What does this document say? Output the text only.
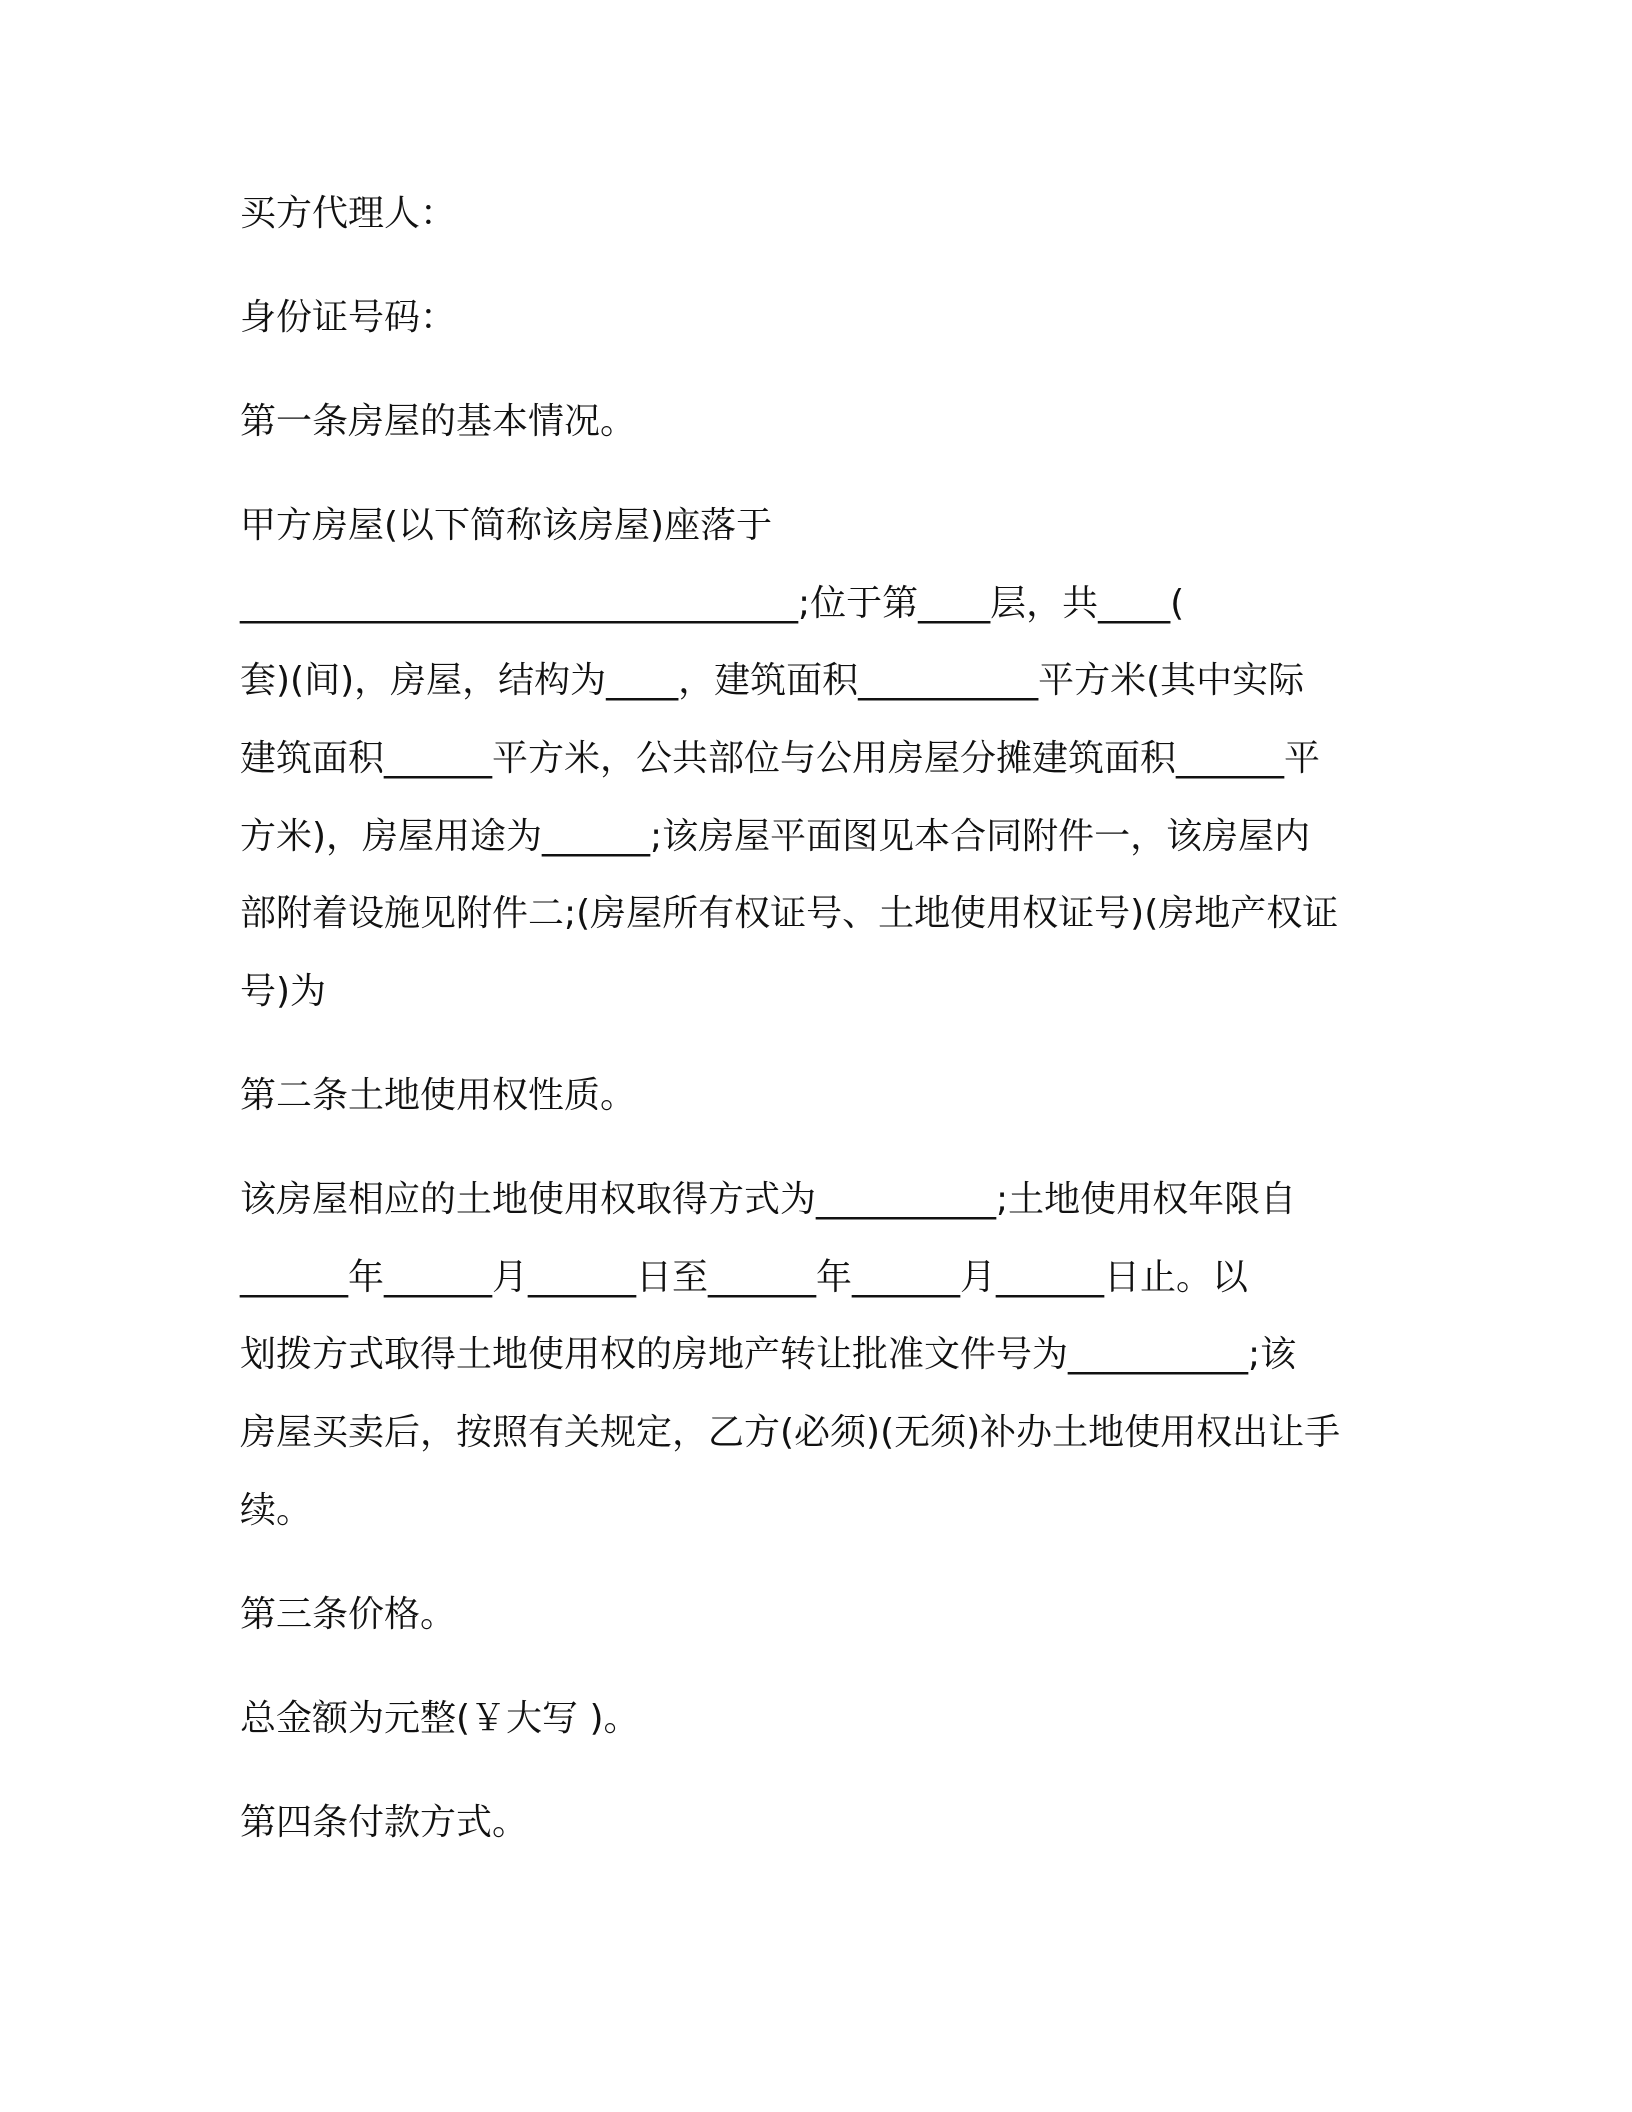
买方代理人：
身份证号码：
第一条房屋的基本情况。
甲方房屋(以下简称该房屋)座落于
_______________________________;位于第____层，共____(
套)(间)，房屋，结构为____，建筑面积__________平方米(其中实际
建筑面积______平方米，公共部位与公用房屋分摊建筑面积______平
方米)，房屋用途为______;该房屋平面图见本合同附件一，该房屋内
部附着设施见附件二;(房屋所有权证号、土地使用权证号)(房地产权证
号)为
第二条土地使用权性质。
该房屋相应的土地使用权取得方式为__________;土地使用权年限自
______年______月______日至______年______月______日止。以
划拨方式取得土地使用权的房地产转让批准文件号为__________;该
房屋买卖后，按照有关规定，乙方(必须)(无须)补办土地使用权出让手
续。
第三条价格。
总金额为元整(￥大写 )。
第四条付款方式。
